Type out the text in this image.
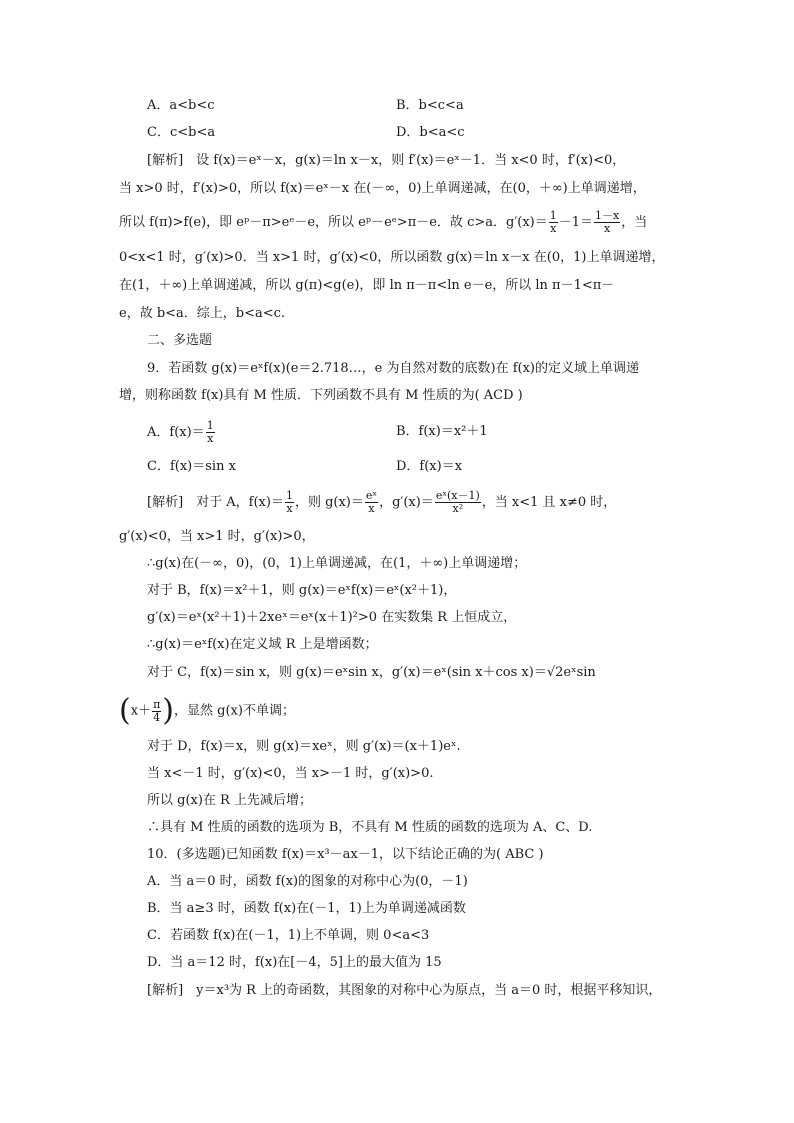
A．a<b<c	B．b<c<a
C．c<b<a	D．b<a<c
[解析]　设 f(x)＝eˣ－x，g(x)＝ln x－x，则 f′(x)＝eˣ－1．当 x<0 时，f′(x)<0，
当 x>0 时，f′(x)>0，所以 f(x)＝eˣ－x 在(－∞，0)上单调递减，在(0，＋∞)上单调递增，
所以 f(π)>f(e)，即 eᵖ－π>eᵉ－e，所以 eᵖ－eᵉ>π－e．故 c>a．$g'(x)= \frac{1}{x} -1= \frac{1-x}{x}$ ，当
0<x<1 时，g′(x)>0．当 x>1 时，g′(x)<0，所以函数 g(x)＝ln x－x 在(0，1)上单调递增，
在(1，＋∞)上单调递减，所以 g(π)<g(e)，即 ln π－π<ln e－e，所以 ln π－1<π－
e，故 b<a．综上，b<a<c.
二、多选题
9．若函数 g(x)＝eˣf(x)(e＝2.718…，e 为自然对数的底数)在 f(x)的定义域上单调递
增，则称函数 f(x)具有 M 性质．下列函数不具有 M 性质的为( ACD )
A．$f(x)= \frac{1}{x}$	B．f(x)＝x²＋1
C．f(x)＝sin x	D．f(x)＝x
[解析]　对于 A，$f(x)= \frac{1}{x}$ ，则 $g(x)= \frac{\text{eˣ}}{x}$ ，$g'(x)= \frac{\text{eˣ(x－1)}}{\text{x²}}$ ，当 x<1 且 x≠0 时，
g′(x)<0，当 x>1 时，g′(x)>0，
∴g(x)在(－∞，0)，(0，1)上单调递减，在(1，＋∞)上单调递增；
对于 B，f(x)＝x²＋1，则 g(x)＝eˣf(x)＝eˣ(x²＋1)，
g′(x)＝eˣ(x²＋1)＋2xeˣ＝eˣ(x＋1)²>0 在实数集 R 上恒成立，
∴g(x)＝eˣf(x)在定义域 R 上是增函数；
对于 C，f(x)＝sin x，则 g(x)＝eˣsin x，g′(x)＝eˣ(sin x＋cos x)＝√2eˣsin
($x+ \frac{\pi}{4}$ )，显然 g(x)不单调；
对于 D，f(x)＝x，则 g(x)＝xeˣ，则 g′(x)＝(x＋1)eˣ.
当 x<－1 时，g′(x)<0，当 x>－1 时，g′(x)>0.
所以 g(x)在 R 上先减后增；
∴具有 M 性质的函数的选项为 B，不具有 M 性质的函数的选项为 A、C、D.
10．(多选题)已知函数 f(x)＝x³－ax－1，以下结论正确的为( ABC )
A．当 a＝0 时，函数 f(x)的图象的对称中心为(0，－1)
B．当 a≥3 时，函数 f(x)在(－1，1)上为单调递减函数
C．若函数 f(x)在(－1，1)上不单调，则 0<a<3
D．当 a＝12 时，f(x)在[－4，5]上的最大值为 15
[解析]　y＝x³为 R 上的奇函数，其图象的对称中心为原点，当 a＝0 时，根据平移知识，
